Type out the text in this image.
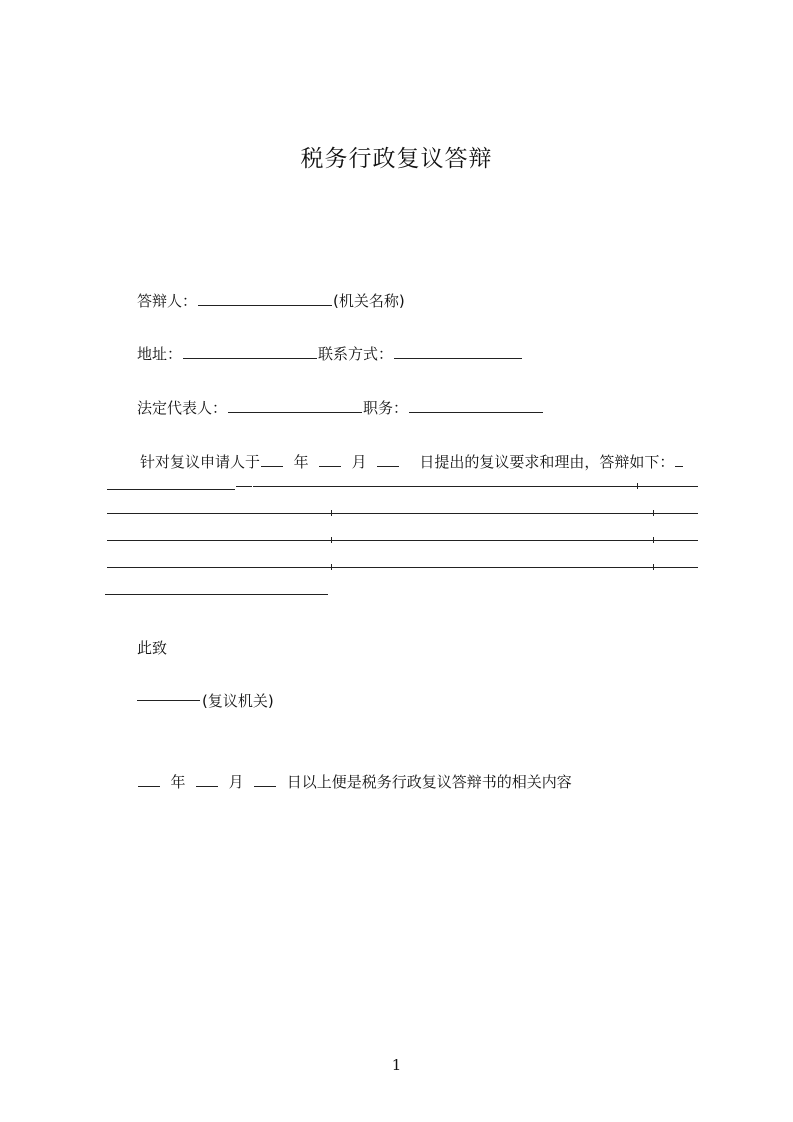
税务行政复议答辩
答辩人：	(机关名称)
地址：	联系方式：
法定代表人：	职务：
针对复议申请人于 年	月	日提出的复议要求和理由，答辩如下：
此致
(复议机关)
年	月	日以上便是税务行政复议答辩书的相关内容
1
